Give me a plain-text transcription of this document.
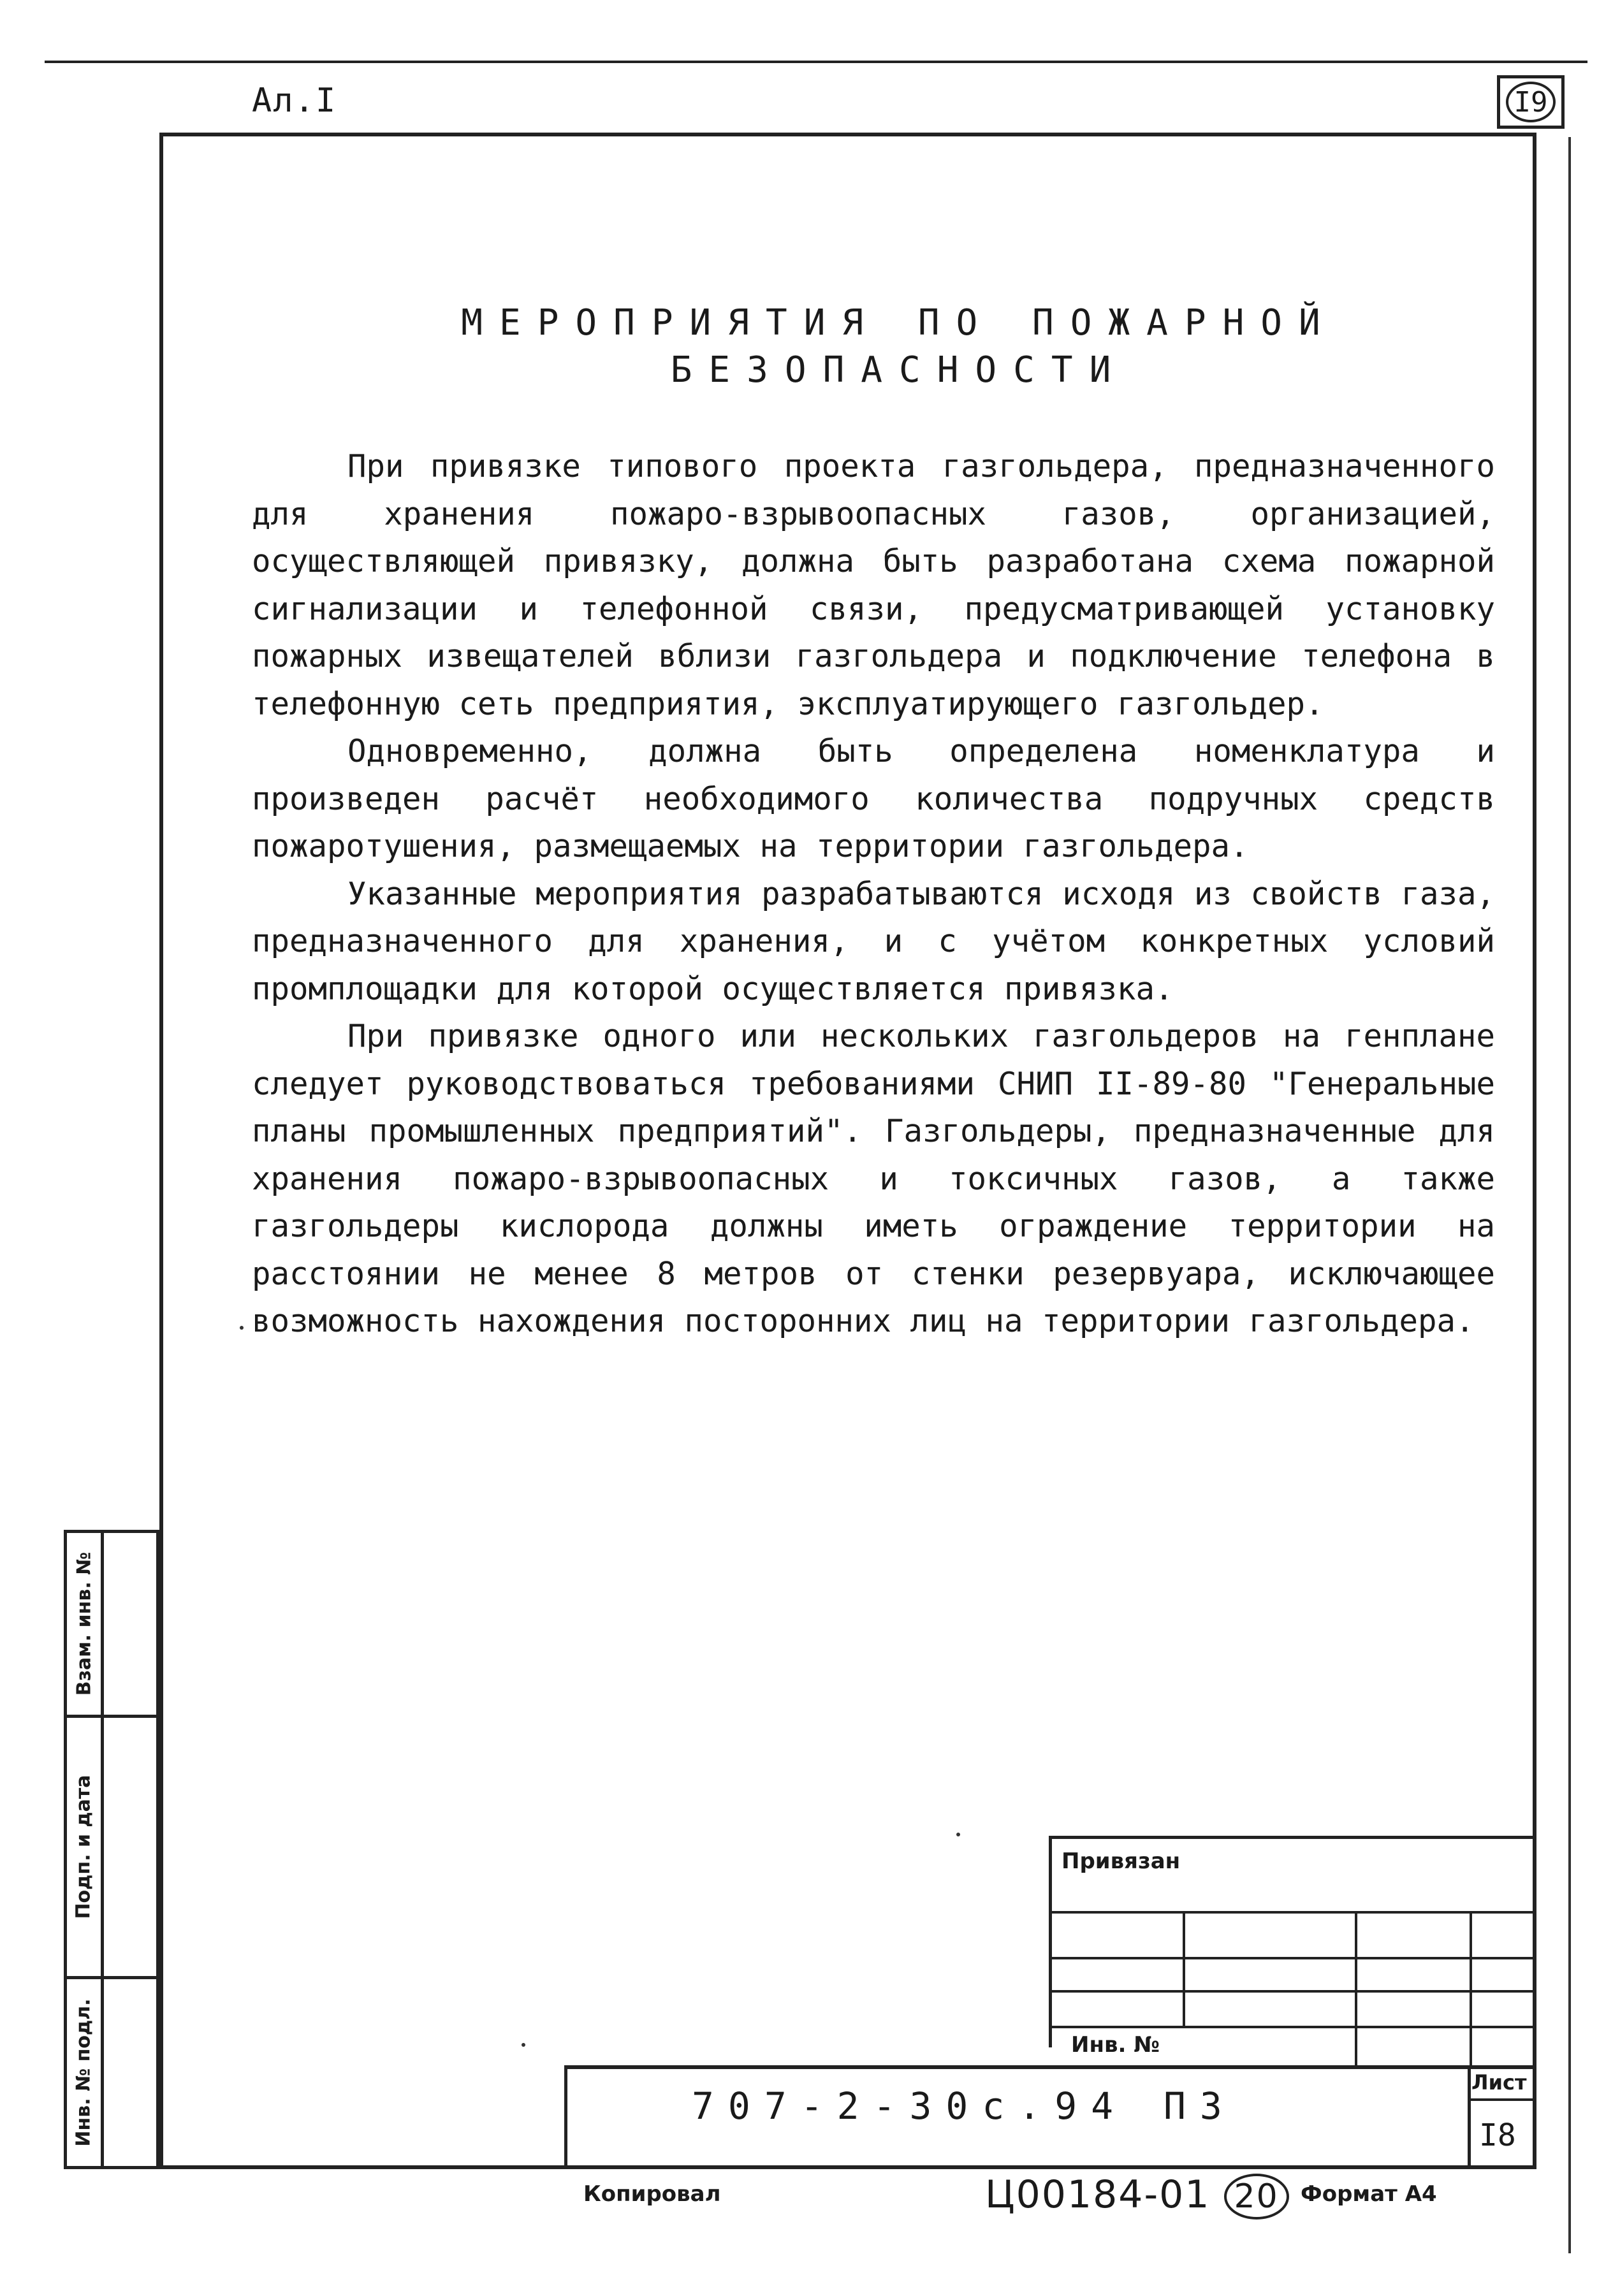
Ал.I	I9
МЕРОПРИЯТИЯ ПО ПОЖАРНОЙ
БЕЗОПАСНОСТИ

При привязке типового проекта газгольдера, предназначенного для хранения пожаро-взрывоопасных газов, организацией, осуществляющей привязку, должна быть разработана схема пожарной сигнализации и телефонной связи, предусматривающей установку пожарных извещателей вблизи газгольдера и подключение телефона в телефонную сеть предприятия, эксплуатирующего газгольдер.

Одновременно, должна быть определена номенклатура и произведен расчёт необходимого количества подручных средств пожаротушения, размещаемых на территории газгольдера.

Указанные мероприятия разрабатываются исходя из свойств газа, предназначенного для хранения, и с учётом конкретных условий промплощадки для которой осуществляется привязка.

При привязке одного или нескольких газгольдеров на генплане следует руководствоваться требованиями СНИП II-89-80 "Генеральные планы промышленных предприятий". Газгольдеры, предназначенные для хранения пожаро-взрывоопасных и токсичных газов, а также газгольдеры кислорода должны иметь ограждение территории на расстоянии не менее 8 метров от стенки резервуара, исключающее возможность нахождения посторонних лиц на территории газгольдера.

Взам. инв. №
Подп. и дата
Инв. № подл.
Привязан
Инв. №
Лист
707-2-30с.94 ПЗ
I8
Копировал	Ц00184-01 20	Формат А4
